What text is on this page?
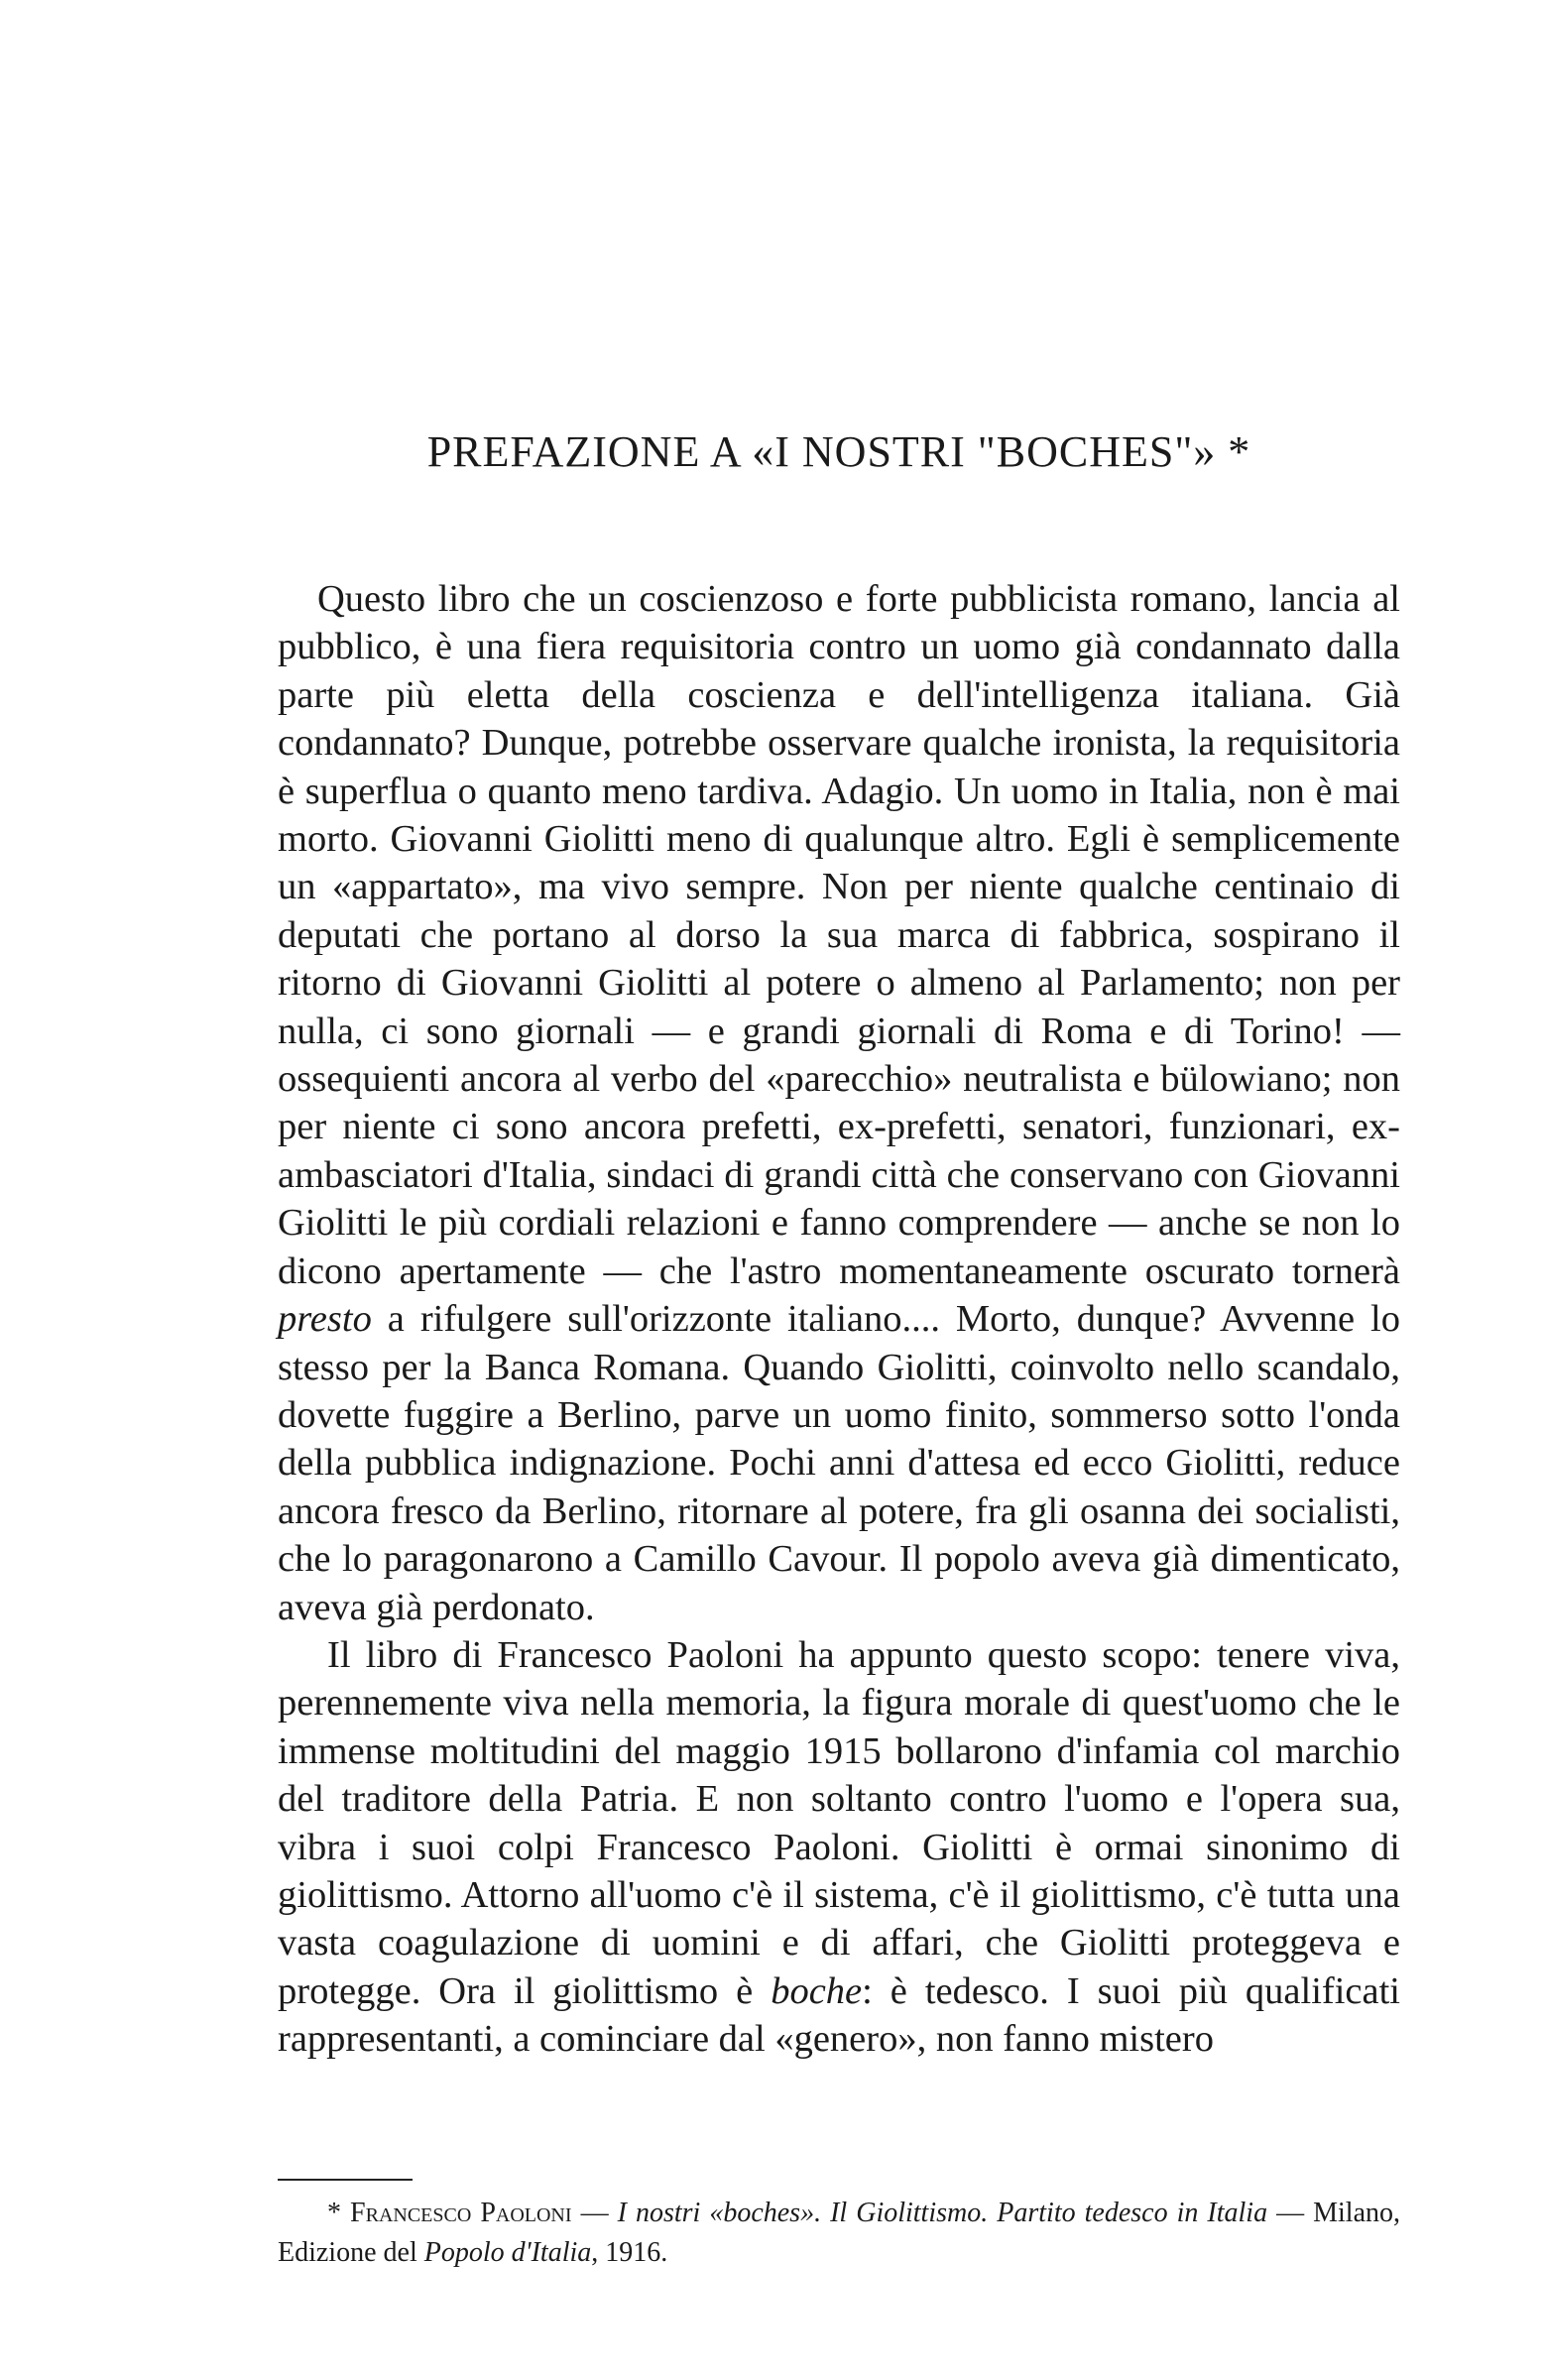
PREFAZIONE A «I NOSTRI "BOCHES"» *

Questo libro che un coscienzoso e forte pubblicista romano, lancia al pubblico, è una fiera requisitoria contro un uomo già condannato dalla parte più eletta della coscienza e dell'intelligenza italiana. Già condannato? Dunque, potrebbe osservare qualche ironista, la requisitoria è superflua o quanto meno tardiva. Adagio. Un uomo in Italia, non è mai morto. Giovanni Giolitti meno di qualunque altro. Egli è semplicemente un «appartato», ma vivo sempre. Non per niente qualche centinaio di deputati che portano al dorso la sua marca di fabbrica, sospirano il ritorno di Giovanni Giolitti al potere o almeno al Parlamento; non per nulla, ci sono giornali — e grandi giornali di Roma e di Torino! — ossequienti ancora al verbo del «parecchio» neutralista e bülowiano; non per niente ci sono ancora prefetti, ex-prefetti, senatori, funzionari, ex-ambasciatori d'Italia, sindaci di grandi città che conservano con Giovanni Giolitti le più cordiali relazioni e fanno comprendere — anche se non lo dicono apertamente — che l'astro momentaneamente oscurato tornerà presto a rifulgere sull'orizzonte italiano.... Morto, dunque? Avvenne lo stesso per la Banca Romana. Quando Giolitti, coinvolto nello scandalo, dovette fuggire a Berlino, parve un uomo finito, sommerso sotto l'onda della pubblica indignazione. Pochi anni d'attesa ed ecco Giolitti, reduce ancora fresco da Berlino, ritornare al potere, fra gli osanna dei socialisti, che lo paragonarono a Camillo Cavour. Il popolo aveva già dimenticato, aveva già perdonato.

Il libro di Francesco Paoloni ha appunto questo scopo: tenere viva, perennemente viva nella memoria, la figura morale di quest'uomo che le immense moltitudini del maggio 1915 bollarono d'infamia col marchio del traditore della Patria. E non soltanto contro l'uomo e l'opera sua, vibra i suoi colpi Francesco Paoloni. Giolitti è ormai sinonimo di giolittismo. Attorno all'uomo c'è il sistema, c'è il giolittismo, c'è tutta una vasta coagulazione di uomini e di affari, che Giolitti proteggeva e protegge. Ora il giolittismo è boche: è tedesco. I suoi più qualificati rappresentanti, a cominciare dal «genero», non fanno mistero

* Francesco Paoloni — I nostri «boches». Il Giolittismo. Partito tedesco in Italia — Milano, Edizione del Popolo d'Italia, 1916.
